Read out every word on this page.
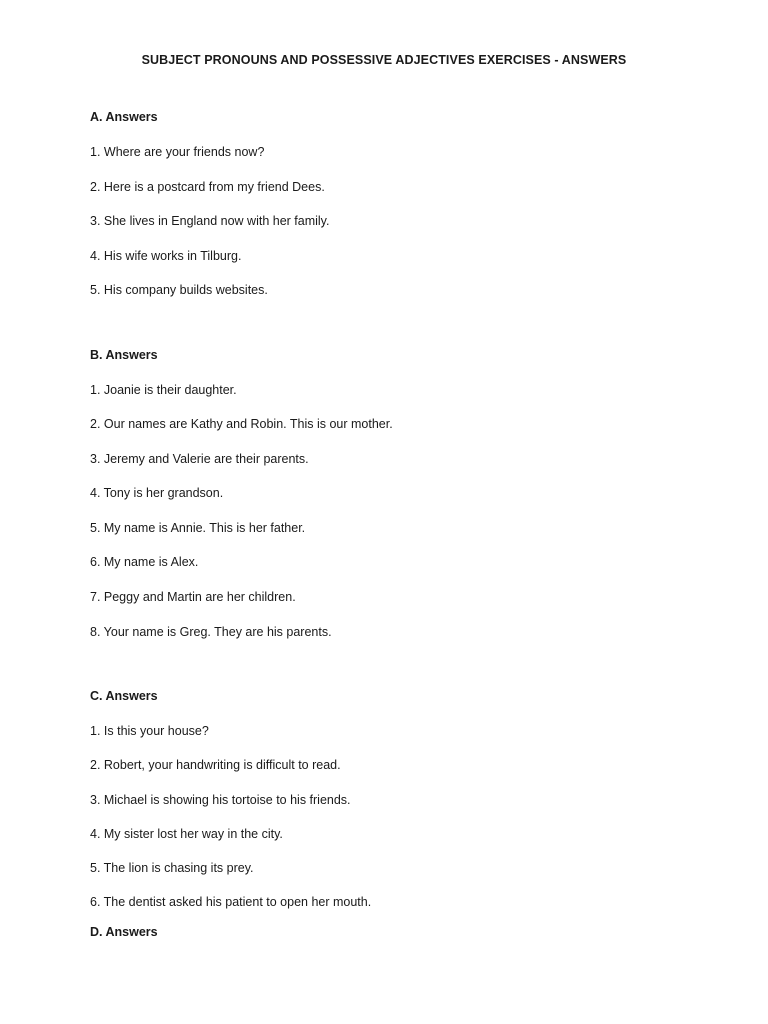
SUBJECT PRONOUNS AND POSSESSIVE ADJECTIVES EXERCISES - ANSWERS
A. Answers
1. Where are your friends now?
2. Here is a postcard from my friend Dees.
3. She lives in England now with her family.
4. His wife works in Tilburg.
5. His company builds websites.
B. Answers
1. Joanie is their daughter.
2. Our names are Kathy and Robin. This is our mother.
3. Jeremy and Valerie are their parents.
4. Tony is her grandson.
5. My name is Annie. This is her father.
6. My name is Alex.
7. Peggy and Martin are her children.
8. Your name is Greg. They are his parents.
C. Answers
1. Is this your house?
2. Robert, your handwriting is difficult to read.
3. Michael is showing his tortoise to his friends.
4. My sister lost her way in the city.
5. The lion is chasing its prey.
6. The dentist asked his patient to open her mouth.
D. Answers
